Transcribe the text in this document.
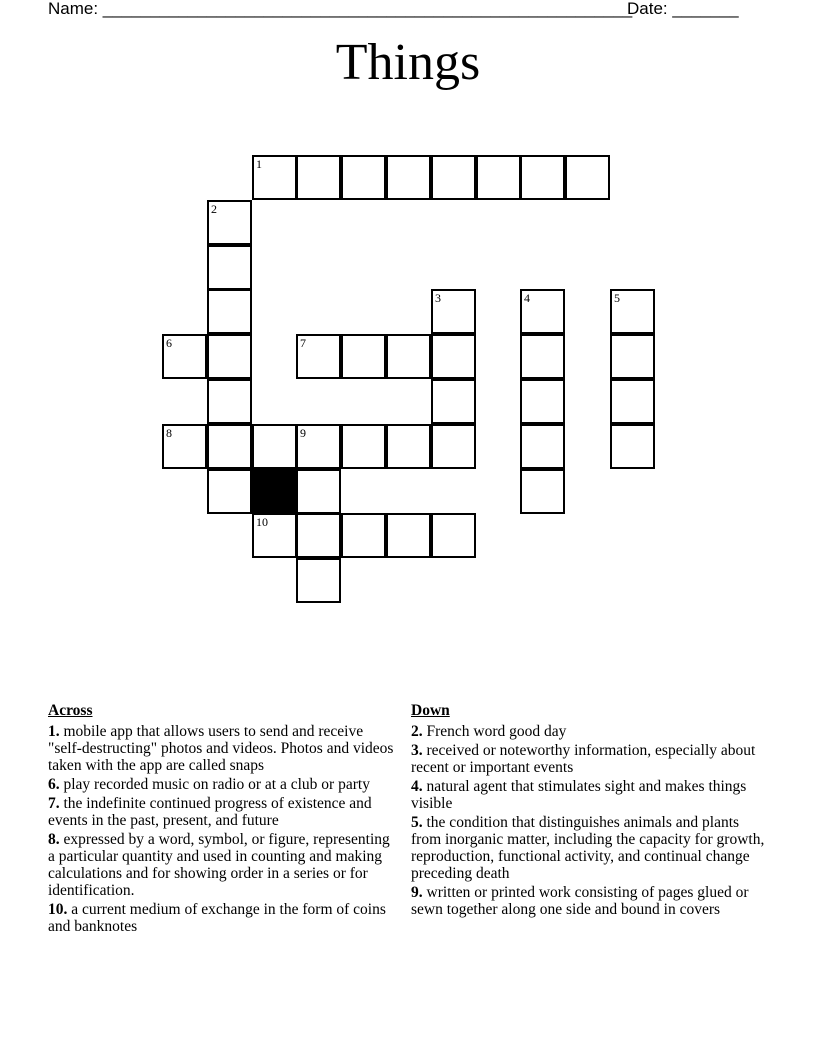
Name: ________________________________________________________
Date: _______
Things
1
2
3	4	5
6	7
8	9
10
Across
1. mobile app that allows users to send and receive "self-destructing" photos and videos. Photos and videos taken with the app are called snaps
6. play recorded music on radio or at a club or party
7. the indefinite continued progress of existence and events in the past, present, and future
8. expressed by a word, symbol, or figure, representing a particular quantity and used in counting and making calculations and for showing order in a series or for identification.
10. a current medium of exchange in the form of coins and banknotes
Down
2. French word good day
3. received or noteworthy information, especially about recent or important events
4. natural agent that stimulates sight and makes things visible
5. the condition that distinguishes animals and plants from inorganic matter, including the capacity for growth, reproduction, functional activity, and continual change preceding death
9. written or printed work consisting of pages glued or sewn together along one side and bound in covers
